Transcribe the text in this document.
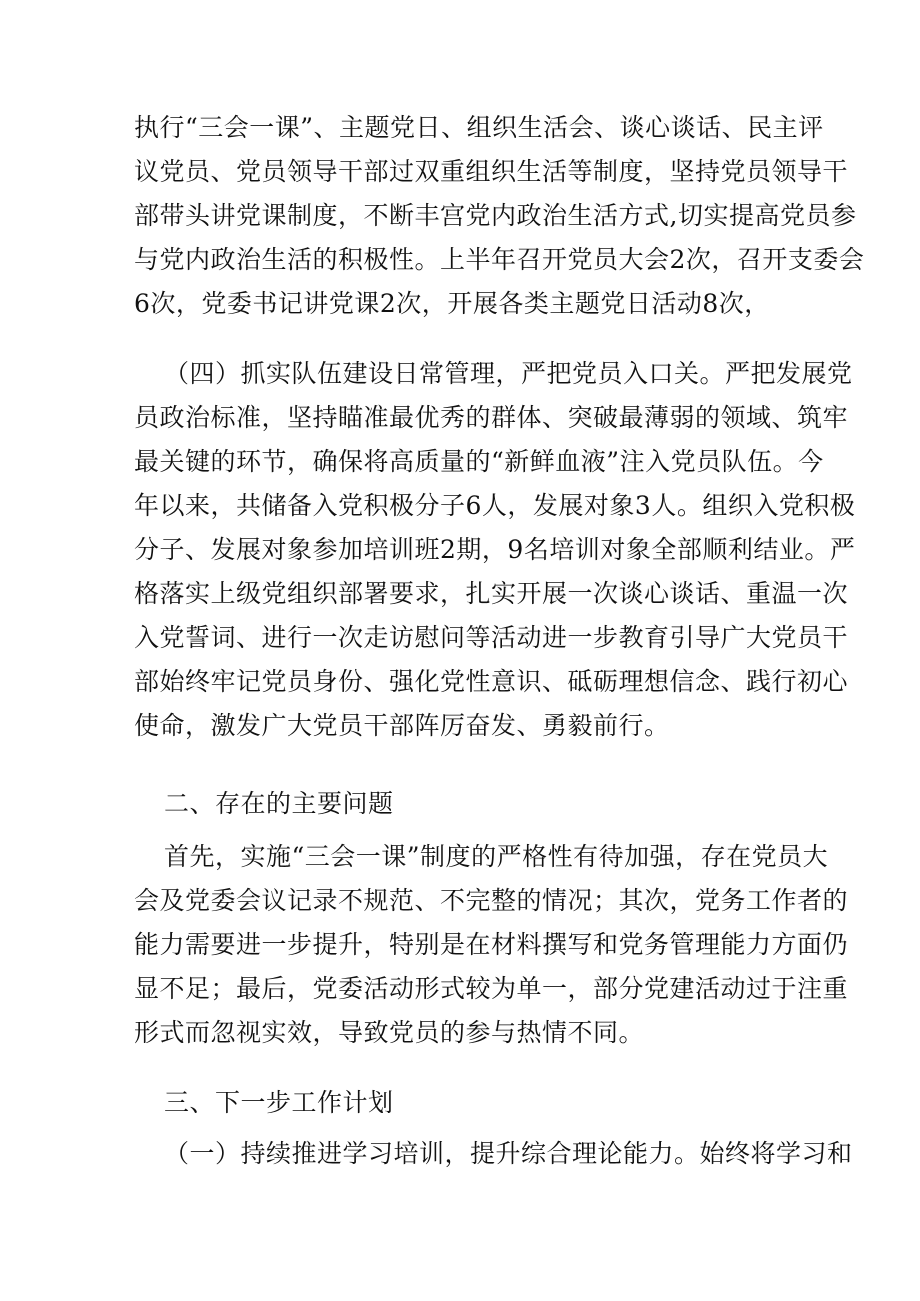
执行“三会一课”、主题党日、组织生活会、谈心谈话、民主评
议党员、党员领导干部过双重组织生活等制度，坚持党员领导干
部带头讲党课制度，不断丰宫党内政治生活方式,切实提高党员参
与党内政治生活的积极性。上半年召开党员大会2次，召开支委会
6次，党委书记讲党课2次，开展各类主题党日活动8次，
（四）抓实队伍建设日常管理，严把党员入口关。严把发展党
员政治标准，坚持瞄准最优秀的群体、突破最薄弱的领域、筑牢
最关键的环节，确保将高质量的“新鲜血液”注入党员队伍。今
年以来，共储备入党积极分子6人，发展对象3人。组织入党积极
分子、发展对象参加培训班2期，9名培训对象全部顺利结业。严
格落实上级党组织部署要求，扎实开展一次谈心谈话、重温一次
入党誓词、进行一次走访慰问等活动进一步教育引导广大党员干
部始终牢记党员身份、强化党性意识、砥砺理想信念、践行初心
使命，激发广大党员干部阵厉奋发、勇毅前行。
二、存在的主要问题
首先，实施“三会一课”制度的严格性有待加强，存在党员大
会及党委会议记录不规范、不完整的情况；其次，党务工作者的
能力需要进一步提升，特别是在材料撰写和党务管理能力方面仍
显不足；最后，党委活动形式较为单一，部分党建活动过于注重
形式而忽视实效，导致党员的参与热情不同。
三、下一步工作计划
（一）持续推进学习培训，提升综合理论能力。始终将学习和
